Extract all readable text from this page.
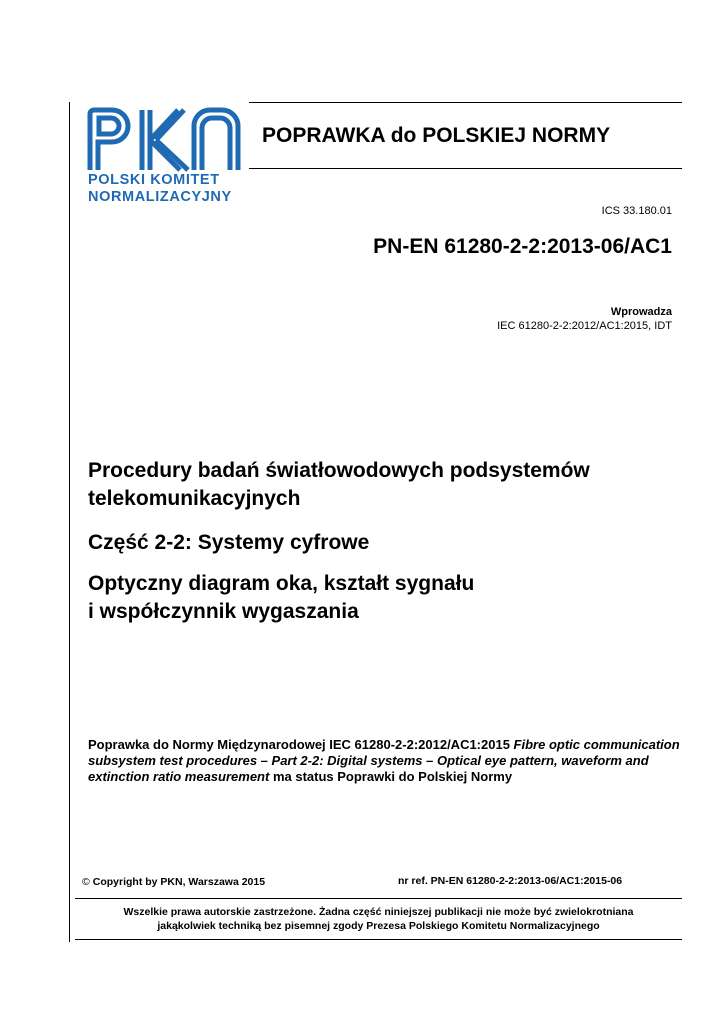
POLSKI KOMITET
NORMALIZACYJNY
POPRAWKA do POLSKIEJ NORMY
ICS 33.180.01
PN-EN 61280-2-2:2013-06/AC1
Wprowadza
IEC 61280-2-2:2012/AC1:2015, IDT
Procedury badań światłowodowych podsystemów
telekomunikacyjnych
Część 2-2: Systemy cyfrowe
Optyczny diagram oka, kształt sygnału
i współczynnik wygaszania
Poprawka do Normy Międzynarodowej IEC 61280-2-2:2012/AC1:2015 Fibre optic communication subsystem test procedures – Part 2-2: Digital systems – Optical eye pattern, waveform and extinction ratio measurement ma status Poprawki do Polskiej Normy
© Copyright by PKN, Warszawa 2015	nr ref. PN-EN 61280-2-2:2013-06/AC1:2015-06
Wszelkie prawa autorskie zastrzeżone. Żadna część niniejszej publikacji nie może być zwielokrotniana
jakąkolwiek techniką bez pisemnej zgody Prezesa Polskiego Komitetu Normalizacyjnego
